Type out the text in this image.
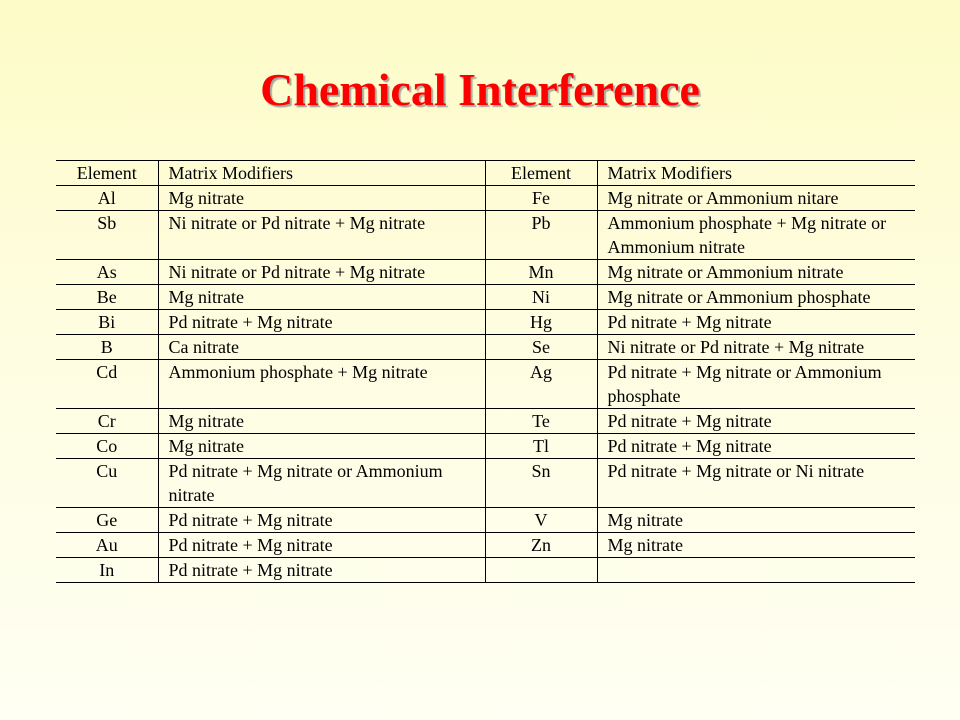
Chemical Interference
Element	Matrix Modifiers	Element	Matrix Modifiers
Al	Mg nitrate	Fe	Mg nitrate or Ammonium nitare
Sb	Ni nitrate or Pd nitrate + Mg nitrate	Pb	Ammonium phosphate + Mg nitrate or Ammonium nitrate
As	Ni nitrate or Pd nitrate + Mg nitrate	Mn	Mg nitrate or Ammonium nitrate
Be	Mg nitrate	Ni	Mg nitrate or Ammonium phosphate
Bi	Pd nitrate + Mg nitrate	Hg	Pd nitrate + Mg nitrate
B	Ca nitrate	Se	Ni nitrate or Pd nitrate + Mg nitrate
Cd	Ammonium phosphate + Mg nitrate	Ag	Pd nitrate + Mg nitrate or Ammonium phosphate
Cr	Mg nitrate	Te	Pd nitrate + Mg nitrate
Co	Mg nitrate	Tl	Pd nitrate + Mg nitrate
Cu	Pd nitrate + Mg nitrate or Ammonium nitrate	Sn	Pd nitrate + Mg nitrate or Ni nitrate
Ge	Pd nitrate + Mg nitrate	V	Mg nitrate
Au	Pd nitrate + Mg nitrate	Zn	Mg nitrate
In	Pd nitrate + Mg nitrate		
